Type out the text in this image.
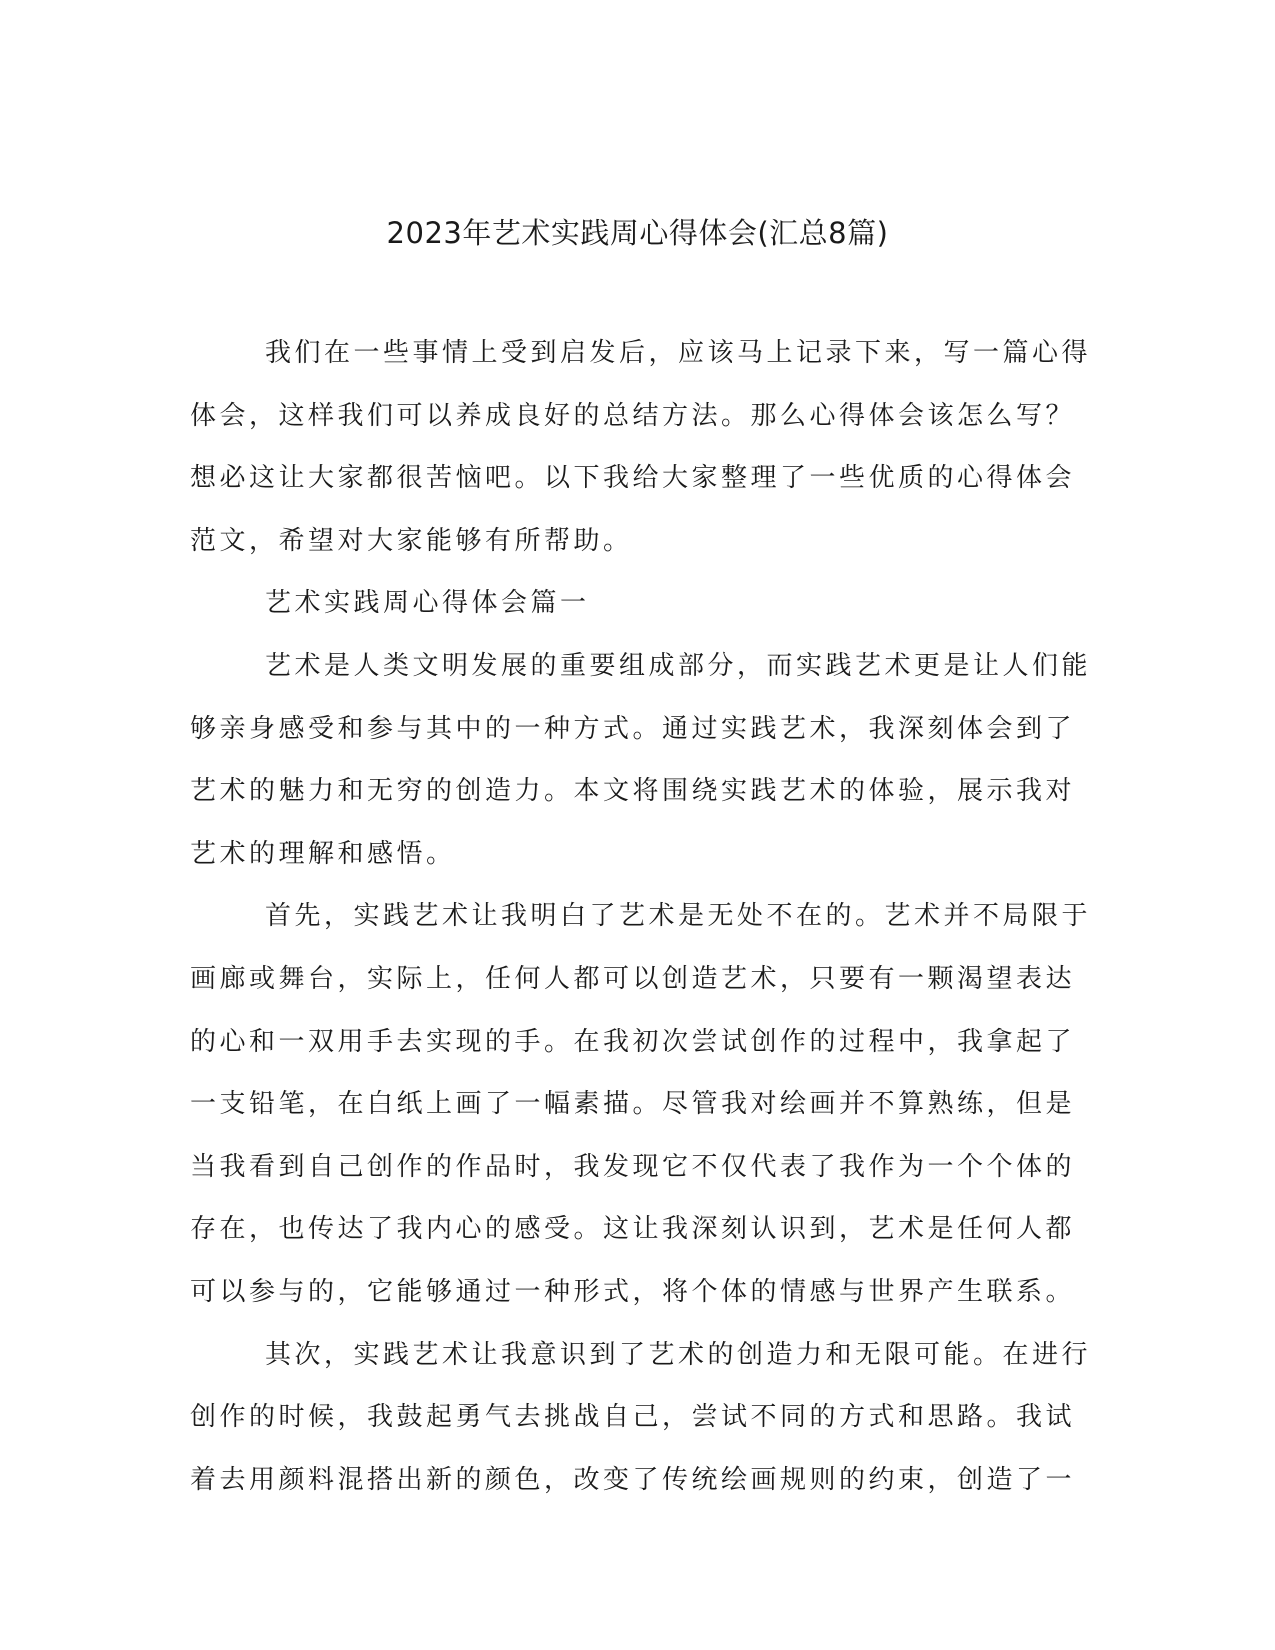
2023年艺术实践周心得体会(汇总8篇)

我们在一些事情上受到启发后，应该马上记录下来，写一篇心得

体会，这样我们可以养成良好的总结方法。那么心得体会该怎么写？

想必这让大家都很苦恼吧。以下我给大家整理了一些优质的心得体会

范文，希望对大家能够有所帮助。

艺术实践周心得体会篇一

艺术是人类文明发展的重要组成部分，而实践艺术更是让人们能

够亲身感受和参与其中的一种方式。通过实践艺术，我深刻体会到了

艺术的魅力和无穷的创造力。本文将围绕实践艺术的体验，展示我对

艺术的理解和感悟。

首先，实践艺术让我明白了艺术是无处不在的。艺术并不局限于

画廊或舞台，实际上，任何人都可以创造艺术，只要有一颗渴望表达

的心和一双用手去实现的手。在我初次尝试创作的过程中，我拿起了

一支铅笔，在白纸上画了一幅素描。尽管我对绘画并不算熟练，但是

当我看到自己创作的作品时，我发现它不仅代表了我作为一个个体的

存在，也传达了我内心的感受。这让我深刻认识到，艺术是任何人都

可以参与的，它能够通过一种形式，将个体的情感与世界产生联系。

其次，实践艺术让我意识到了艺术的创造力和无限可能。在进行

创作的时候，我鼓起勇气去挑战自己，尝试不同的方式和思路。我试

着去用颜料混搭出新的颜色，改变了传统绘画规则的约束，创造了一
